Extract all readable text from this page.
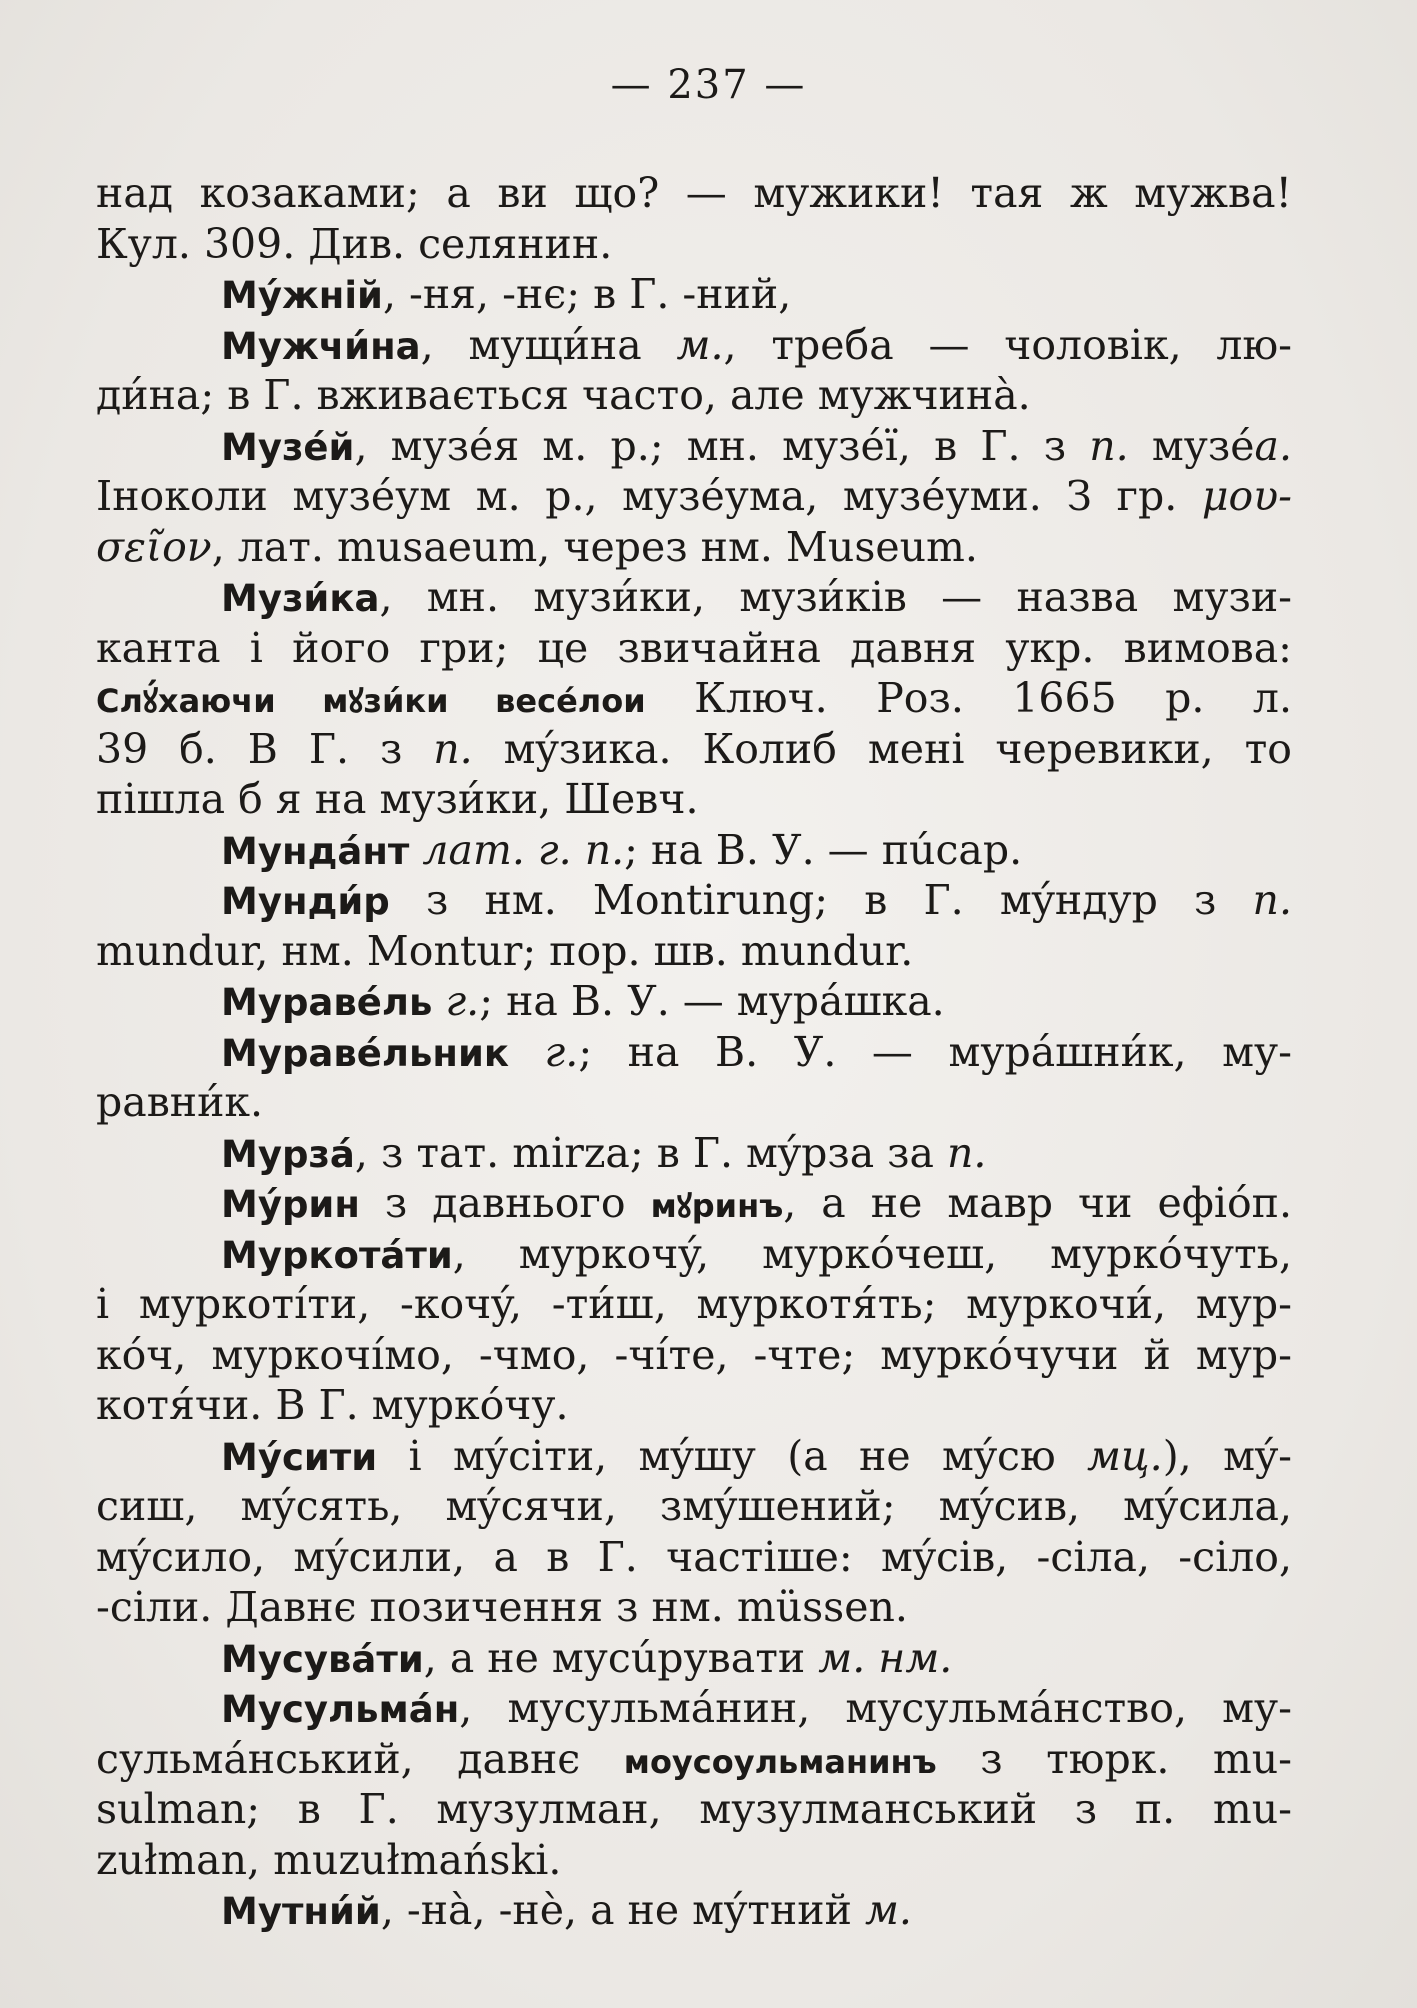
— 237 —
над козаками; а ви що? — мужики! тая ж мужва!
Кул. 309. Див. селянин.
Мýжній, -ня, -нє; в Г. -ний,
Мужчи́на, мущи́на м., треба — чоловік, лю-
ди́на; в Г. вживається часто, але мужчинà.
Музéй, музéя м. р.; мн. музéї, в Г. з п. музéа.
Іноколи музéум м. р., музéума, музéуми. З гр. μου-
σεῖον, лат. musaeum, через нм. Museum.
Музи́ка, мн. музи́ки, музи́ків — назва музи-
канта і його гри; це звичайна давня укр. вимова:
Слꙋ́хаючи мꙋзи́ки весéлои Ключ. Роз. 1665 р. л.
39 б. В Г. з п. мýзика. Колиб мені черевики, то
пішла б я на музи́ки, Шевч.
Мундáнт лат. г. п.; на В. У. — пúсар.
Мунди́р з нм. Montirung; в Г. мýндур з п.
mundur, нм. Montur; пор. шв. mundur.
Муравéль г.; на В. У. — мурáшка.
Муравéльник г.; на В. У. — мурáшни́к, му-
равни́к.
Мурзá, з тат. mirza; в Г. мýрза за п.
Мýрин з давнього мꙋринъ, а не мавр чи ефіóп.
Муркотáти, муркочý, муркóчеш, муркóчуть,
і муркотíти, -кочý, -ти́ш, муркотя́ть; муркочи́, мур-
кóч, муркочíмо, -чмо, -чíте, -чте; муркóчучи й мур-
котя́чи. В Г. муркóчу.
Мýсити і мýсіти, мýшу (а не мýсю мц.), мý-
сиш, мýсять, мýсячи, змýшений; мýсив, мýсила,
мýсило, мýсили, а в Г. частіше: мýсів, -сіла, -сіло,
-сіли. Давнє позичення з нм. müssen.
Мусувáти, а не мусúрувати м. нм.
Мусульмáн, мусульмáнин, мусульмáнство, му-
сульмáнський, давнє моусоульманинъ з тюрк. mu-
sulman; в Г. музулман, музулманський з п. mu-
zułman, muzułmański.
Мутни́й, -нà, -нè, а не мýтний м.
